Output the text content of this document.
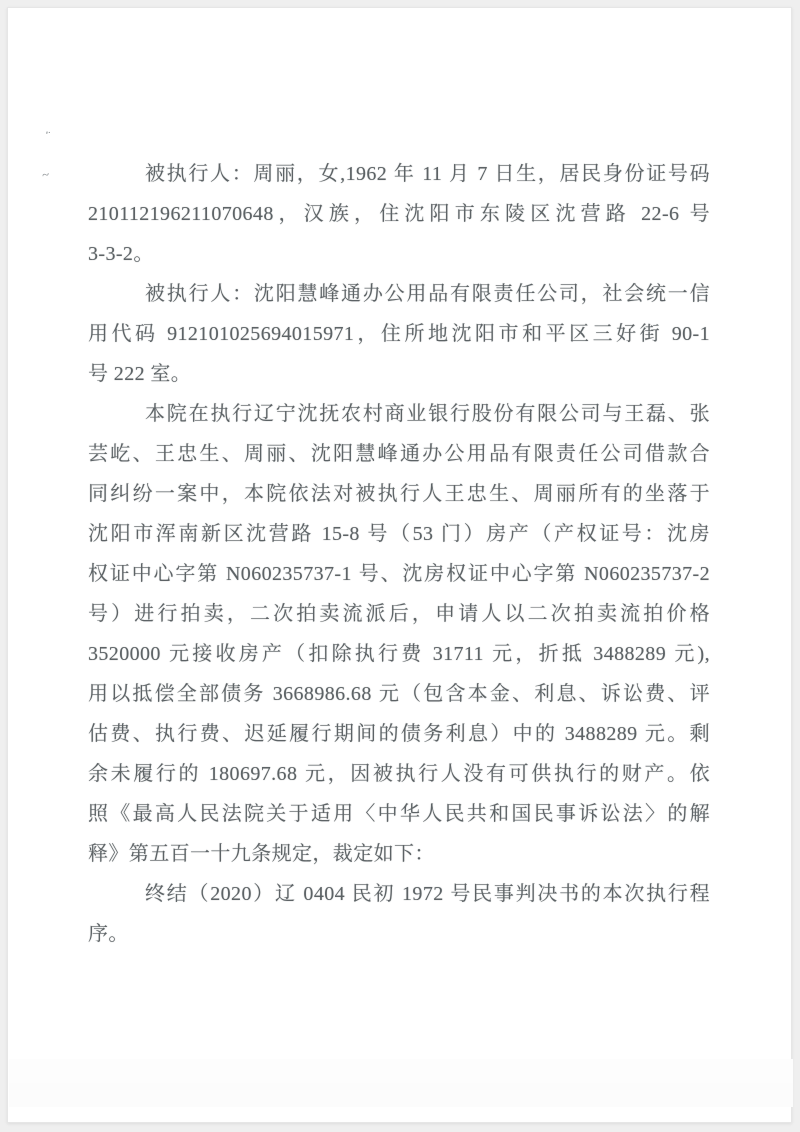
被执行人：周丽，女,1962 年 11 月 7 日生，居民身份证号码
210112196211070648，汉族，住沈阳市东陵区沈营路 22-6 号
3-3-2。
被执行人：沈阳慧峰通办公用品有限责任公司，社会统一信
用代码 912101025694015971，住所地沈阳市和平区三好街 90-1
号 222 室。
本院在执行辽宁沈抚农村商业银行股份有限公司与王磊、张
芸屹、王忠生、周丽、沈阳慧峰通办公用品有限责任公司借款合
同纠纷一案中，本院依法对被执行人王忠生、周丽所有的坐落于
沈阳市浑南新区沈营路 15-8 号（53 门）房产（产权证号：沈房
权证中心字第 N060235737-1 号、沈房权证中心字第 N060235737-2
号）进行拍卖，二次拍卖流派后，申请人以二次拍卖流拍价格
3520000 元接收房产（扣除执行费 31711 元，折抵 3488289 元),
用以抵偿全部债务 3668986.68 元（包含本金、利息、诉讼费、评
估费、执行费、迟延履行期间的债务利息）中的 3488289 元。剩
余未履行的 180697.68 元，因被执行人没有可供执行的财产。依
照《最高人民法院关于适用〈中华人民共和国民事诉讼法〉的解
释》第五百一十九条规定，裁定如下：
终结（2020）辽 0404 民初 1972 号民事判决书的本次执行程
序。
ₑ.
~
